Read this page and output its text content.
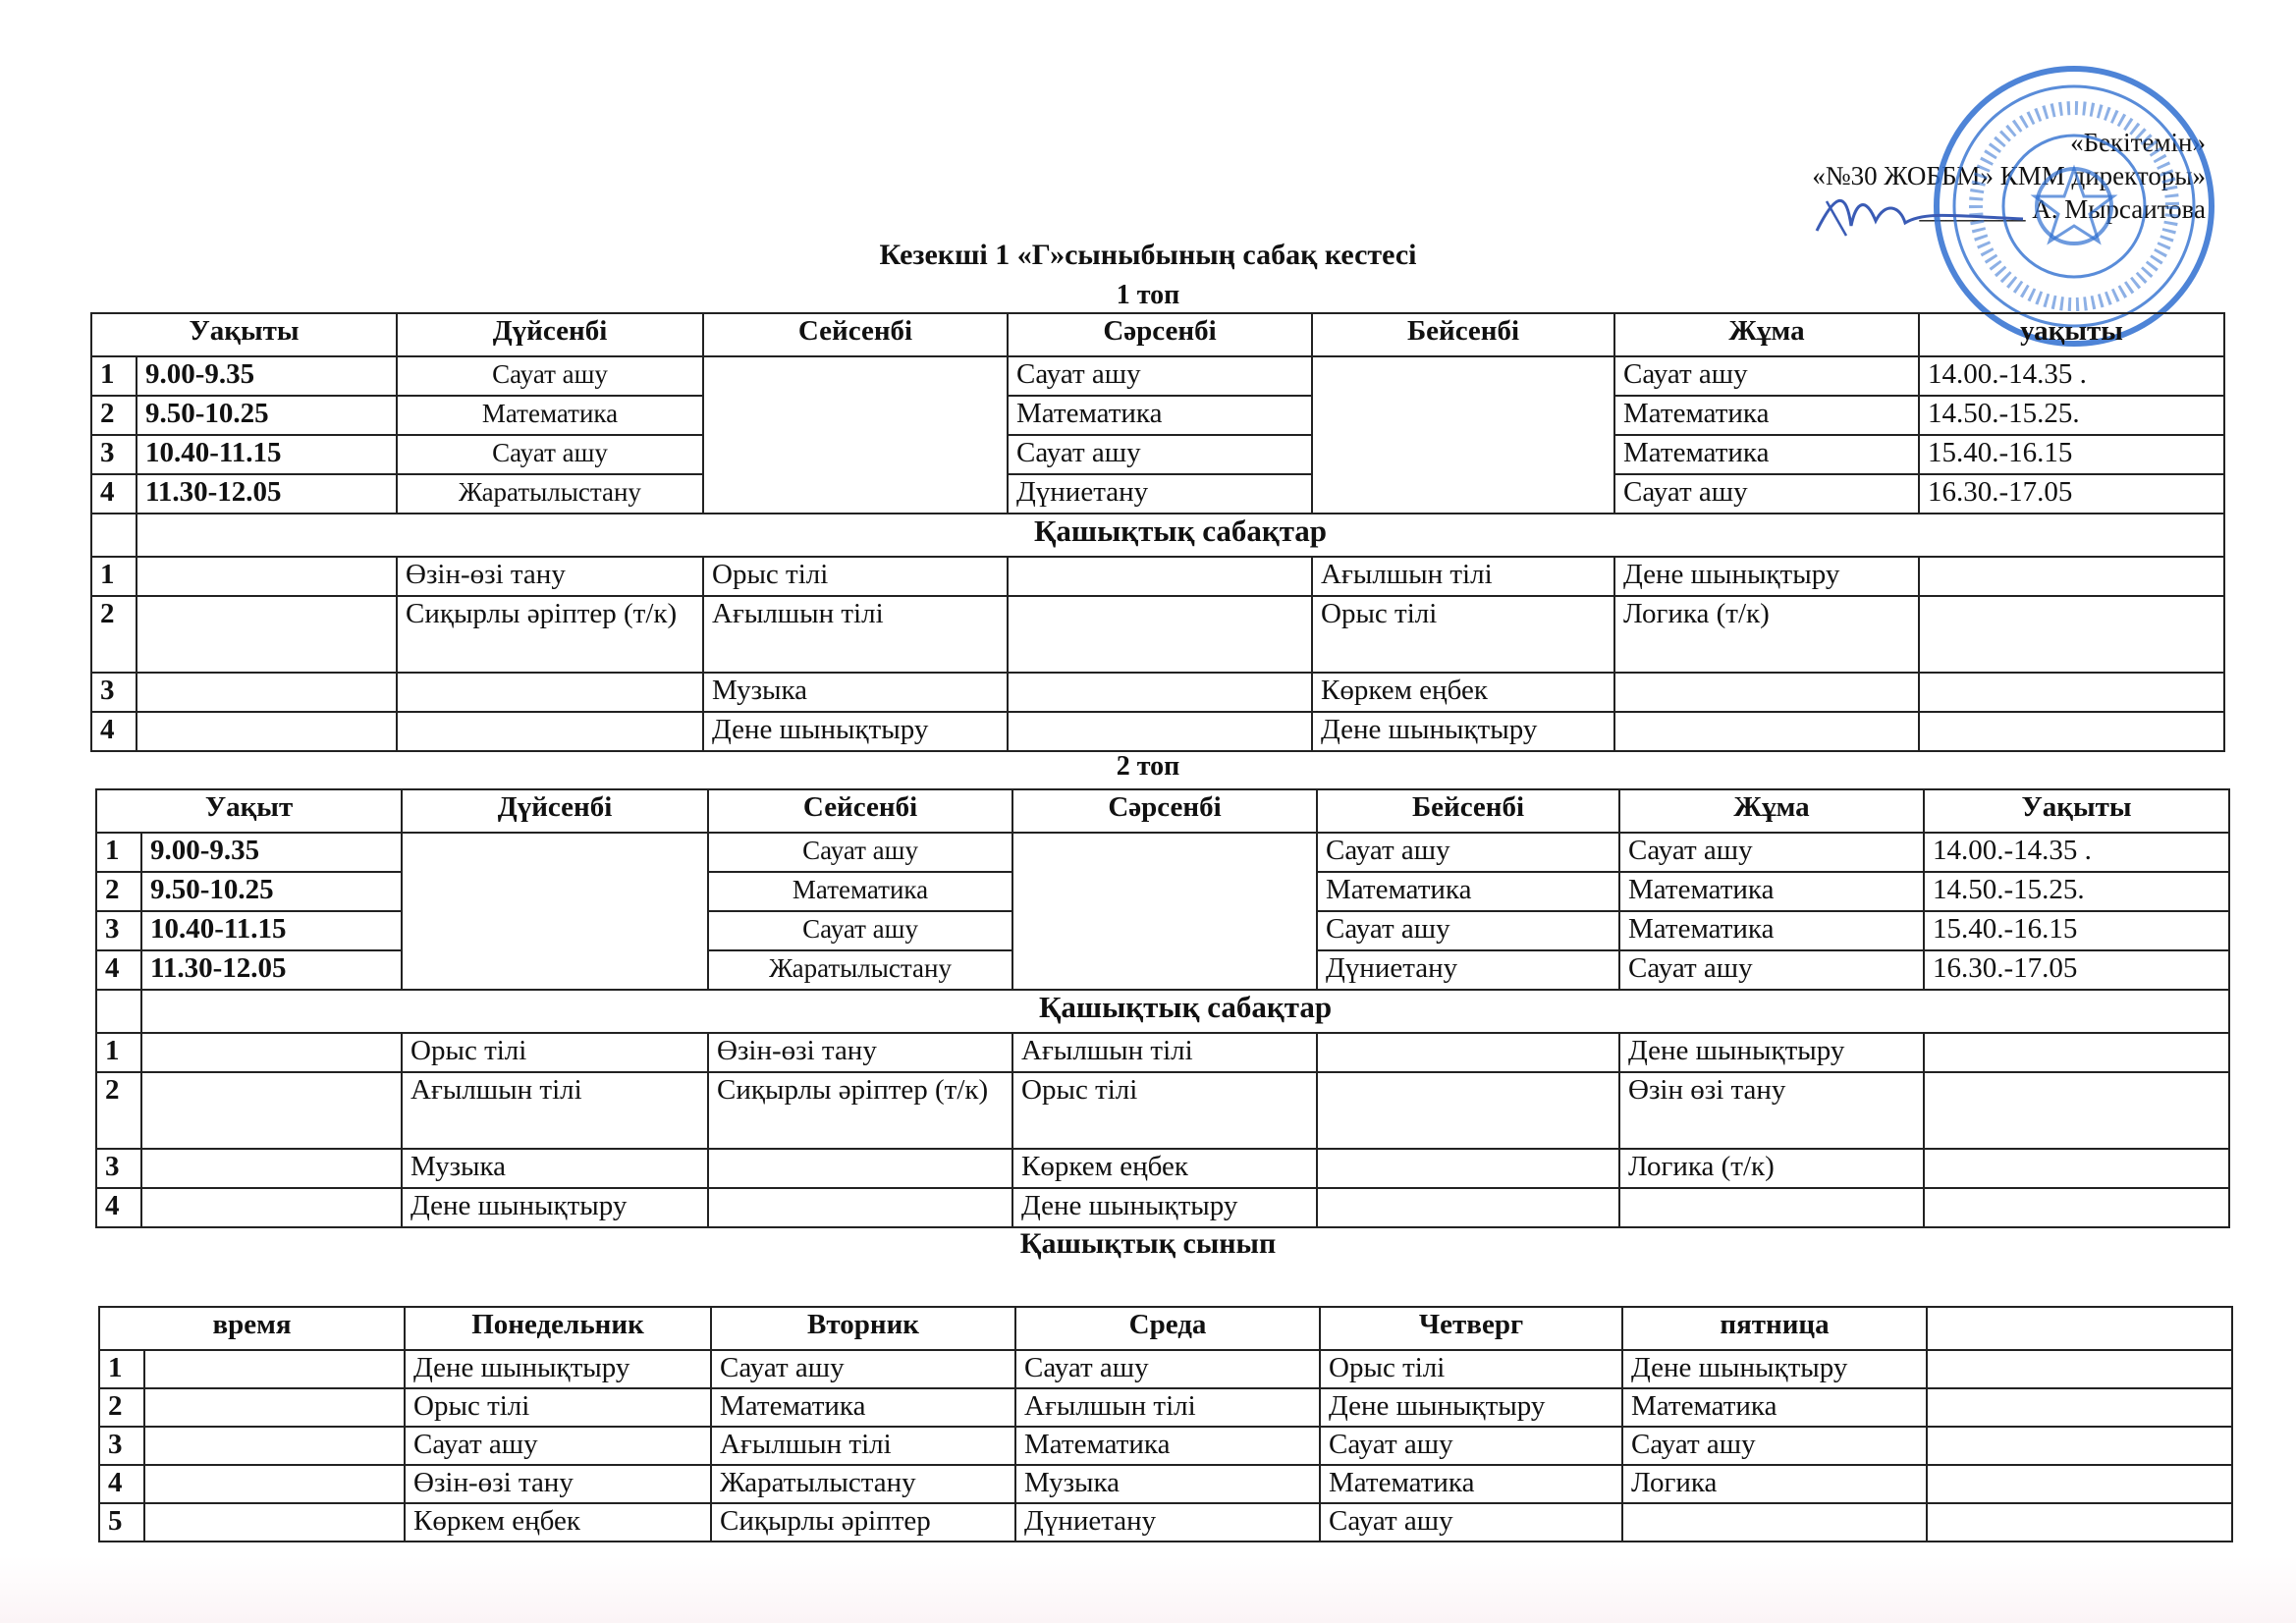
«Бекітемін»
«№30 ЖОББМ» КММ директоры»
________ А. Мырсаитова
Кезекші 1 «Г»сыныбының сабақ кестесі
1 топ
Уақыты		Дүйсенбі	Сейсенбі	Сәрсенбі	Бейсенбі	Жұма	уақыты
1	9.00-9.35	Сауат ашу		Сауат ашу		Сауат ашу	14.00.-14.35 .
2	9.50-10.25	Математика		Математика		Математика	14.50.-15.25.
3	10.40-11.15	Сауат ашу		Сауат ашу		Математика	15.40.-16.15
4	11.30-12.05	Жаратылыстану		Дүниетану		Сауат ашу	16.30.-17.05
	Қашықтық сабақтар						
1		Өзін-өзі тану	Орыс тілі		Ағылшын тілі	Дене шынықтыру	
2		Сиқырлы әріптер (т/к)	Ағылшын тілі		Орыс тілі	Логика (т/к)	
3			Музыка		Көркем еңбек		
4			Дене шынықтыру		Дене шынықтыру		
2 топ
Уақыт		Дүйсенбі	Сейсенбі	Сәрсенбі	Бейсенбі	Жұма	Уақыты
1	9.00-9.35		Сауат ашу		Сауат ашу	Сауат ашу	14.00.-14.35 .
2	9.50-10.25		Математика		Математика	Математика	14.50.-15.25.
3	10.40-11.15		Сауат ашу		Сауат ашу	Математика	15.40.-16.15
4	11.30-12.05		Жаратылыстану		Дүниетану	Сауат ашу	16.30.-17.05
	Қашықтық сабақтар						
1		Орыс тілі	Өзін-өзі тану	Ағылшын тілі		Дене шынықтыру	
2		Ағылшын тілі	Сиқырлы әріптер (т/к)	Орыс тілі		Өзін өзі тану	
3		Музыка		Көркем еңбек		Логика (т/к)	
4		Дене шынықтыру		Дене шынықтыру			
Қашықтық сынып
время		Понедельник	Вторник	Среда	Четверг	пятница	
1		Дене шынықтыру	Сауат ашу	Сауат ашу	Орыс тілі	Дене шынықтыру	
2		Орыс тілі	Математика	Ағылшын тілі	Дене шынықтыру	Математика	
3		Сауат ашу	Ағылшын тілі	Математика	Сауат ашу	Сауат ашу	
4		Өзін-өзі тану	Жаратылыстану	Музыка	Математика	Логика	
5		Көркем еңбек	Сиқырлы әріптер	Дүниетану	Сауат ашу		
